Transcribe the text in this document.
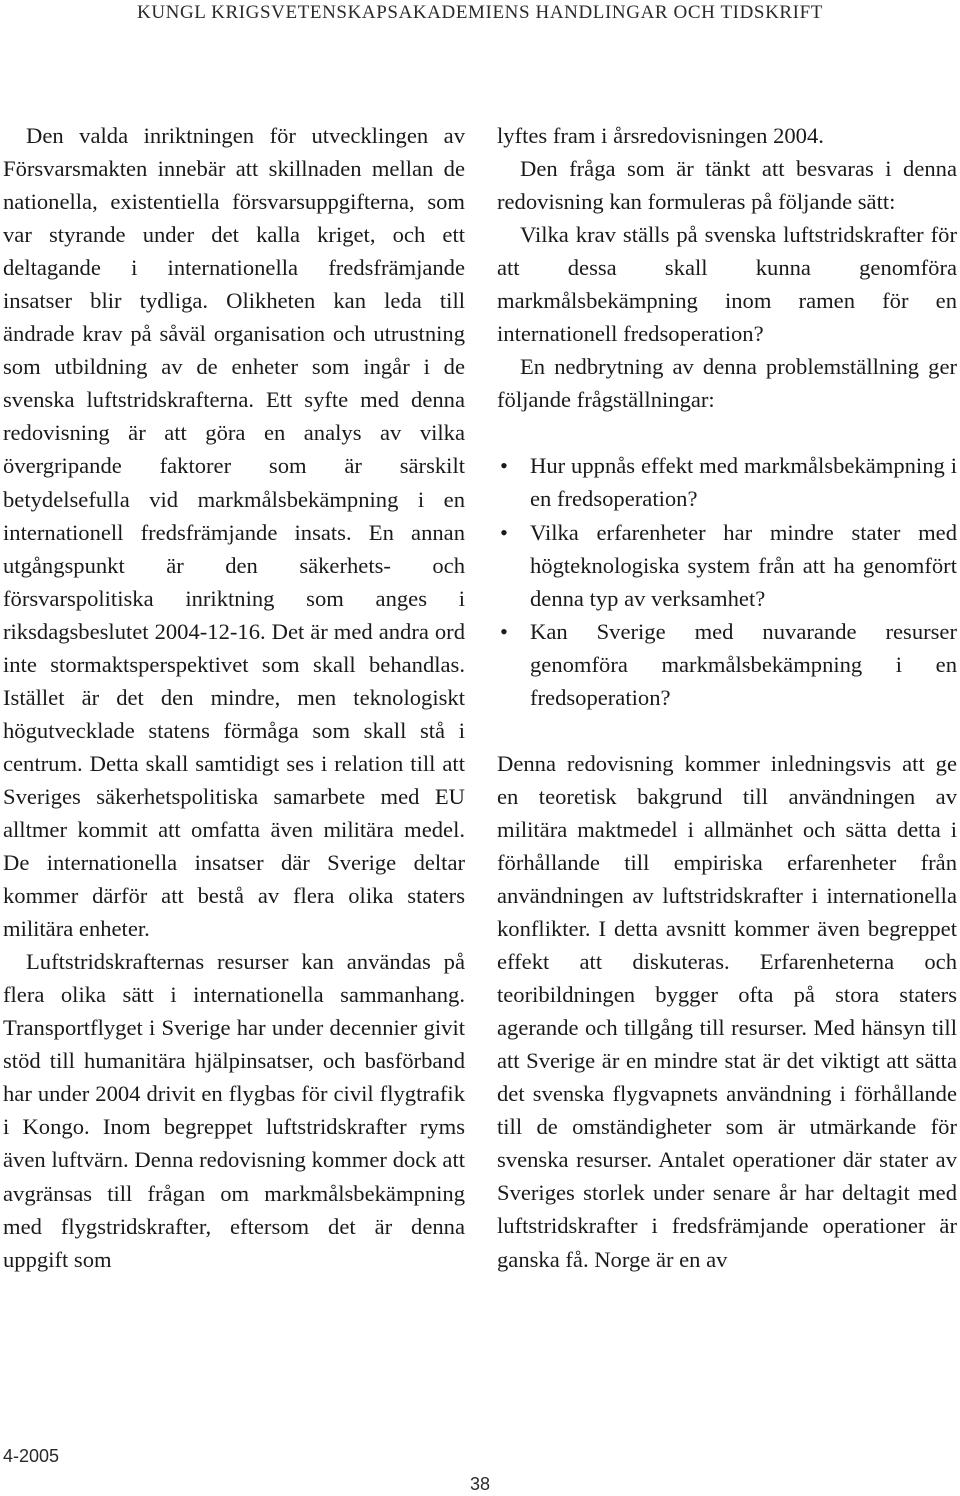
KUNGL KRIGSVETENSKAPSAKADEMIENS HANDLINGAR OCH TIDSKRIFT

Den valda inriktningen för utvecklingen av Försvarsmakten innebär att skillnaden mellan de nationella, existentiella försvarsuppgifterna, som var styrande under det kalla kriget, och ett deltagande i internationella fredsfrämjande insatser blir tydliga. Olikheten kan leda till ändrade krav på såväl organisation och utrustning som utbildning av de enheter som ingår i de svenska luftstridskrafterna. Ett syfte med denna redovisning är att göra en analys av vilka övergripande faktorer som är särskilt betydelsefulla vid markmålsbekämpning i en internationell fredsfrämjande insats. En annan utgångspunkt är den säkerhets- och försvarspolitiska inriktning som anges i riksdagsbeslutet 2004-12-16. Det är med andra ord inte stormaktsperspektivet som skall behandlas. Istället är det den mindre, men teknologiskt högutvecklade statens förmåga som skall stå i centrum. Detta skall samtidigt ses i relation till att Sveriges säkerhetspolitiska samarbete med EU alltmer kommit att omfatta även militära medel. De internationella insatser där Sverige deltar kommer därför att bestå av flera olika staters militära enheter.

Luftstridskrafternas resurser kan användas på flera olika sätt i internationella sammanhang. Transportflyget i Sverige har under decennier givit stöd till humanitära hjälpinsatser, och basförband har under 2004 drivit en flygbas för civil flygtrafik i Kongo. Inom begreppet luftstridskrafter ryms även luftvärn. Denna redovisning kommer dock att avgränsas till frågan om markmålsbekämpning med flygstridskrafter, eftersom det är denna uppgift som

lyftes fram i årsredovisningen 2004.

Den fråga som är tänkt att besvaras i denna redovisning kan formuleras på följande sätt:

Vilka krav ställs på svenska luftstridskrafter för att dessa skall kunna genomföra markmålsbekämpning inom ramen för en internationell fredsoperation?

En nedbrytning av denna problemställning ger följande frågställningar:

• Hur uppnås effekt med markmålsbekämpning i en fredsoperation?
• Vilka erfarenheter har mindre stater med högteknologiska system från att ha genomfört denna typ av verksamhet?
• Kan Sverige med nuvarande resurser genomföra markmålsbekämpning i en fredsoperation?

Denna redovisning kommer inledningsvis att ge en teoretisk bakgrund till användningen av militära maktmedel i allmänhet och sätta detta i förhållande till empiriska erfarenheter från användningen av luftstridskrafter i internationella konflikter. I detta avsnitt kommer även begreppet effekt att diskuteras. Erfarenheterna och teoribildningen bygger ofta på stora staters agerande och tillgång till resurser. Med hänsyn till att Sverige är en mindre stat är det viktigt att sätta det svenska flygvapnets användning i förhållande till de omständigheter som är utmärkande för svenska resurser. Antalet operationer där stater av Sveriges storlek under senare år har deltagit med luftstridskrafter i fredsfrämjande operationer är ganska få. Norge är en av

4-2005
38
